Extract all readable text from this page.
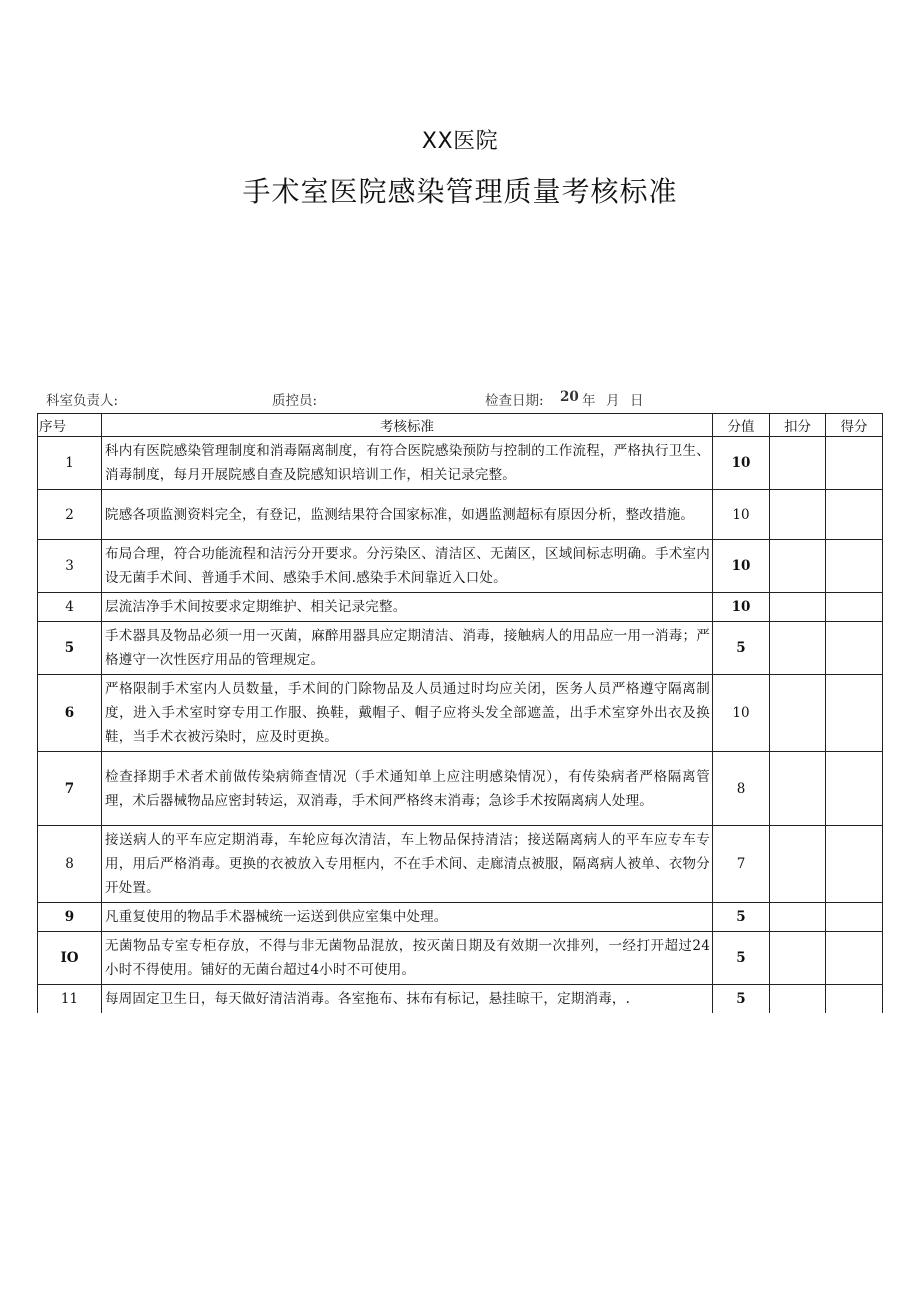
XX医院
手术室医院感染管理质量考核标准
科室负责人:	质控员:	检查日期: 20 年 月 日
序号	考核标准	分值	扣分	得分
1	科内有医院感染管理制度和消毒隔离制度，有符合医院感染预防与控制的工作流程，严格执行卫生、消毒制度，每月开展院感自查及院感知识培训工作，相关记录完整。	10		
2	院感各项监测资料完全，有登记，监测结果符合国家标准，如遇监测超标有原因分析，整改措施。	10		
3	布局合理，符合功能流程和洁污分开要求。分污染区、清洁区、无菌区，区域间标志明确。手术室内设无菌手术间、普通手术间、感染手术间.感染手术间靠近入口处。	10		
4	层流洁净手术间按要求定期维护、相关记录完整。	10		
5	手术器具及物品必须一用一灭菌，麻醉用器具应定期清洁、消毒，接触病人的用品应一用一消毒；严格遵守一次性医疗用品的管理规定。	5		
6	严格限制手术室内人员数量，手术间的门除物品及人员通过时均应关闭，医务人员严格遵守隔离制度，进入手术室时穿专用工作服、换鞋，戴帽子、帽子应将头发全部遮盖，出手术室穿外出衣及换鞋，当手术衣被污染时，应及时更换。	10		
7	检查择期手术者术前做传染病筛查情况（手术通知单上应注明感染情况），有传染病者严格隔离管理，术后器械物品应密封转运，双消毒，手术间严格终末消毒；急诊手术按隔离病人处理。	8		
8	接送病人的平车应定期消毒，车轮应每次清洁，车上物品保持清洁；接送隔离病人的平车应专车专用，用后严格消毒。更换的衣被放入专用框内，不在手术间、走廊清点被服，隔离病人被单、衣物分开处置。	7		
9	凡重复使用的物品手术器械统一运送到供应室集中处理。	5		
IO	无菌物品专室专柜存放，不得与非无菌物品混放，按灭菌日期及有效期一次排列，一经打开超过24小时不得使用。铺好的无菌台超过4小时不可使用。	5		
11	每周固定卫生日，每天做好清洁消毒。各室拖布、抹布有标记，悬挂晾干，定期消毒，.	5		
